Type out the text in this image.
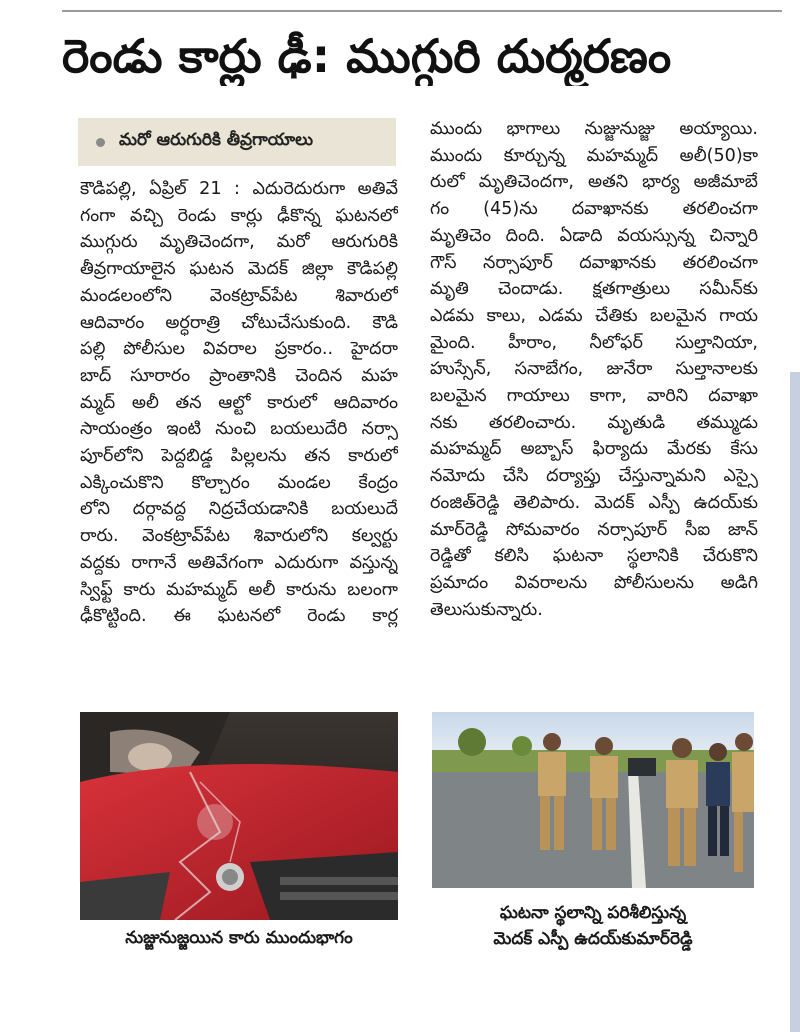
రెండు కార్లు ఢీ: ముగ్గురి దుర్మరణం
మరో ఆరుగురికి తీవ్రగాయాలు
కౌడిపల్లి, ఏప్రిల్ 21 : ఎదురెదురుగా అతివే
గంగా వచ్చి రెండు కార్లు ఢీకొన్న ఘటనలో
ముగ్గురు మృతిచెందగా, మరో ఆరుగురికి
తీవ్రగాయాలైన ఘటన మెదక్ జిల్లా కౌడిపల్లి
మండలంలోని వెంకట్రావ్‌పేట శివారులో
ఆదివారం అర్ధరాత్రి చోటుచేసుకుంది. కౌడి
పల్లి పోలీసుల వివరాల ప్రకారం.. హైదరా
బాద్ సూరారం ప్రాంతానికి చెందిన మహ
మ్మద్ అలీ తన ఆల్టో కారులో ఆదివారం
సాయంత్రం ఇంటి నుంచి బయలుదేరి నర్సా
పూర్‌లోని పెద్దబిడ్డ పిల్లలను తన కారులో
ఎక్కించుకొని కొల్చారం మండల కేంద్రం
లోని దర్గావద్ద నిద్రచేయడానికి బయలుదే
రారు. వెంకట్రావ్‌పేట శివారులోని కల్వర్టు
వద్దకు రాగానే అతివేగంగా ఎదురుగా వస్తున్న
స్విఫ్ట్ కారు మహమ్మద్ అలీ కారును బలంగా
ఢీకొట్టింది. ఈ ఘటనలో రెండు కార్ల
ముందు భాగాలు నుజ్జునుజ్జు అయ్యాయి.
ముందు కూర్చున్న మహమ్మద్ అలీ(50)కా
రులో మృతిచెందగా, అతని భార్య అజీమాబే
గం (45)ను దవాఖానకు తరలించగా
మృతిచెం దింది. ఏడాది వయస్సున్న చిన్నారి
గౌస్ నర్సాపూర్ దవాఖానకు తరలించగా
మృతి చెందాడు. క్షతగాత్రులు సమీన్‌కు
ఎడమ కాలు, ఎడమ చేతికు బలమైన గాయ
మైంది. హీరాం, నీలోఫర్ సుల్తానియా,
హుస్సేన్, సనాబేగం, జునేరా సుల్తానాలకు
బలమైన గాయాలు కాగా, వారిని దవాఖా
నకు తరలించారు. మృతుడి తమ్ముడు
మహమ్మద్ అబ్బాస్ ఫిర్యాదు మేరకు కేసు
నమోదు చేసి దర్యాప్తు చేస్తున్నామని ఎస్సై
రంజిత్‌రెడ్డి తెలిపారు. మెదక్ ఎస్పీ ఉదయ్‌కు
మార్‌రెడ్డి సోమవారం నర్సాపూర్ సీఐ జాన్
రెడ్డితో కలిసి ఘటనా స్థలానికి చేరుకొని
ప్రమాదం వివరాలను పోలీసులను అడిగి
తెలుసుకున్నారు.
నుజ్జునుజ్జయిన కారు ముందుభాగం
ఘటనా స్థలాన్ని పరిశీలిస్తున్న
మెదక్ ఎస్పీ ఉదయ్‌కుమార్‌రెడ్డి
